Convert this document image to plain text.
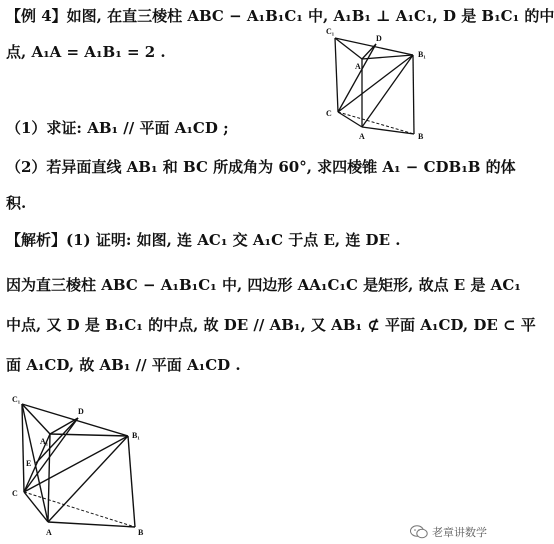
【例 4】如图, 在直三棱柱 ABC − A₁B₁C₁ 中, A₁B₁ ⊥ A₁C₁, D 是 B₁C₁ 的中
点, A₁A = A₁B₁ = 2 .
C₁
D
A₁
B₁
C
A	B
（1）求证: AB₁ // 平面 A₁CD ;
（2）若异面直线 AB₁ 和 BC 所成角为 60°, 求四棱锥 A₁ − CDB₁B 的体
积.
【解析】(1) 证明: 如图, 连 AC₁ 交 A₁C 于点 E, 连 DE .
因为直三棱柱 ABC − A₁B₁C₁ 中, 四边形 AA₁C₁C 是矩形, 故点 E 是 AC₁
中点, 又 D 是 B₁C₁ 的中点, 故 DE // AB₁, 又 AB₁ ⊄ 平面 A₁CD, DE ⊂ 平
面 A₁CD, 故 AB₁ // 平面 A₁CD .
C₁
D
A₁
B₁
E
C
A	B	老章讲数学
